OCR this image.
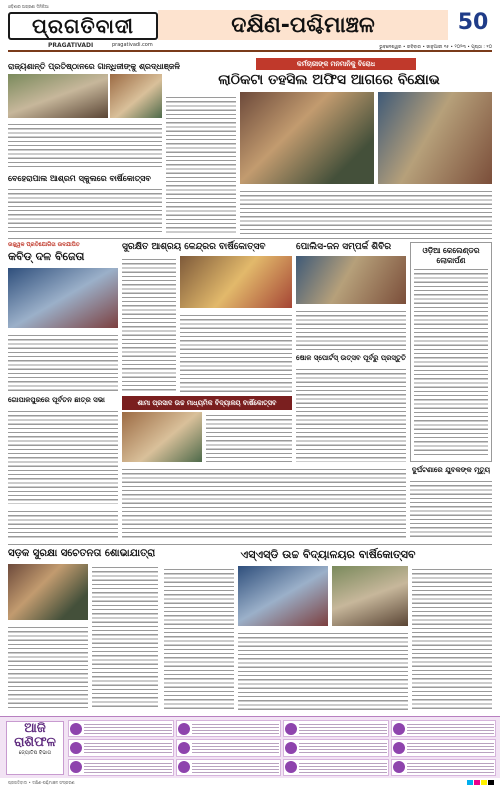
ଓଡ଼ିଶାର ଅଗ୍ରଣୀ ଦିନିକିଆ
ପ୍ରଗତିବାଦୀ
PRAGATIVADI	pragativadi.com
ଦକ୍ଷିଣ-ପଶ୍ଚିମାଞ୍ଚଳ	50
ଭୁବନେଶ୍ୱର • ରବିବାର • ଜାନୁଆରୀ ୧୫ • ୨୦୨୩ • ପୃଷ୍ଠା : ୧୦
ରାଜ୍ୟଶାନ୍ତି ପ୍ରତିଷ୍ଠାନରେ ଗାନ୍ଧିଜୀଙ୍କୁ ଶ୍ରଦ୍ଧାଞ୍ଜଳି	କର୍ମଚାରୀଙ୍କ ମନମାନିକୁ ବିରୋଧ
ଲାଠିକଟା ତହସିଲ ଅଫିସ ଆଗରେ ବିକ୍ଷୋଭ
ବେହେରାପାଲ ଆଶ୍ରମ ସ୍କୁଲରେ ବାର୍ଷିକୋତ୍ସବ
ଉଜ୍ଜ୍ୱଳ ପ୍ରତିଯୋଗିତା ଉଦଯାପିତ
କବିଡ୍ ଦଳ ବିଜେତା
ସୁରକ୍ଷିତ ଆଶ୍ରୟ କେନ୍ଦ୍ରର ବାର୍ଷିକୋତ୍ସବ	ପୋଲିସ-ଜନ ସମ୍ପର୍କ ଶିବିର	ଓଡ଼ିଆ କେଲେଣ୍ଡର ଲୋକାର୍ପଣ
ଶାମା ପ୍ରସାଦ ଉଚ୍ଚ ମାଧ୍ୟମିକ ବିଦ୍ୟାଳୟ ବାର୍ଷିକୋତ୍ସବ
ଗୋପାଳପୁରରେ ପୂର୍ବତନ ଛାତ୍ର ସଭା
ଷୋଳ ସ୍ପୋର୍ଟସ୍ ଉତ୍ସବ ପୂର୍ବରୁ ପ୍ରସ୍ତୁତି
ଦୁର୍ଘଟଣାରେ ଯୁବକଙ୍କ ମୃତ୍ୟୁ
ସଡ଼କ ସୁରକ୍ଷା ସଚେତନତା ଶୋଭାଯାତ୍ରା	ଏସ୍ଏସ୍‌ଡି ଉଚ୍ଚ ବିଦ୍ୟାଳୟର ବାର୍ଷିକୋତ୍ସବ
ଆଜି ରାଶିଫଳ
ଜ୍ୟୋତିଷ ବିଭାଗ
ପ୍ରଗତିବାଦୀ • ଦକ୍ଷିଣ-ପଶ୍ଚିମାଞ୍ଚଳ ସଂସ୍କରଣ
